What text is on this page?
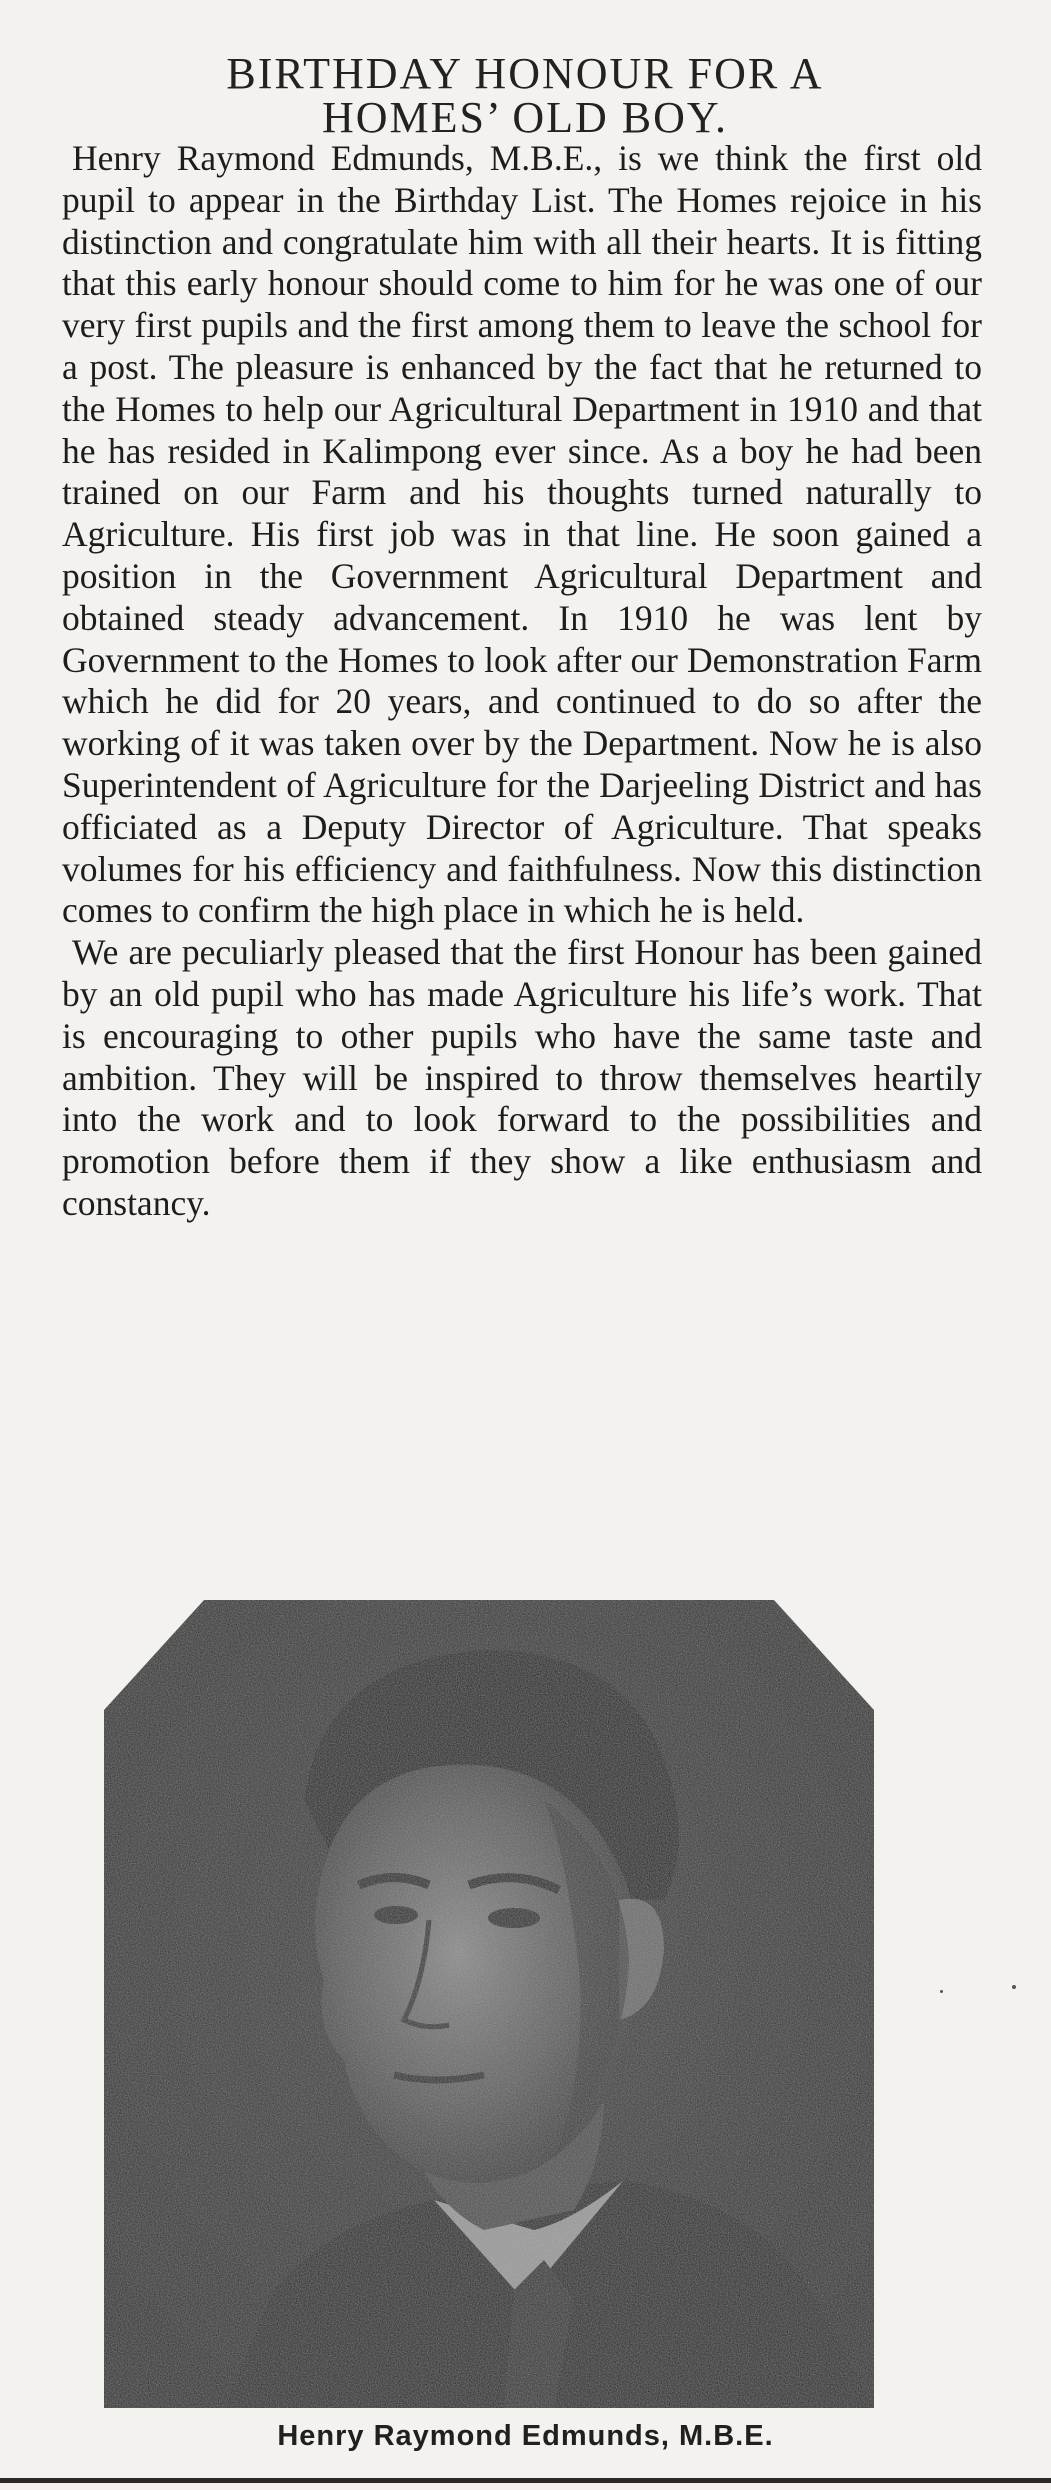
BIRTHDAY HONOUR FOR A
HOMES’ OLD BOY.

Henry Raymond Edmunds, M.B.E., is we think the first old pupil to appear in the Birthday List. The Homes rejoice in his distinction and congratulate him with all their hearts. It is fitting that this early honour should come to him for he was one of our very first pupils and the first among them to leave the school for a post. The pleasure is enhanced by the fact that he returned to the Homes to help our Agricultural Department in 1910 and that he has resided in Kalimpong ever since. As a boy he had been trained on our Farm and his thoughts turned naturally to Agriculture. His first job was in that line. He soon gained a position in the Government Agricultural Department and obtained steady advancement. In 1910 he was lent by Government to the Homes to look after our Demonstration Farm which he did for 20 years, and continued to do so after the working of it was taken over by the Department. Now he is also Superintendent of Agriculture for the Darjeeling District and has officiated as a Deputy Director of Agriculture. That speaks volumes for his efficiency and faithfulness. Now this distinction comes to confirm the high place in which he is held.

We are peculiarly pleased that the first Honour has been gained by an old pupil who has made Agriculture his life’s work. That is encouraging to other pupils who have the same taste and ambition. They will be inspired to throw themselves heartily into the work and to look forward to the possibilities and promotion before them if they show a like enthusiasm and constancy.

Henry Raymond Edmunds, M.B.E.
